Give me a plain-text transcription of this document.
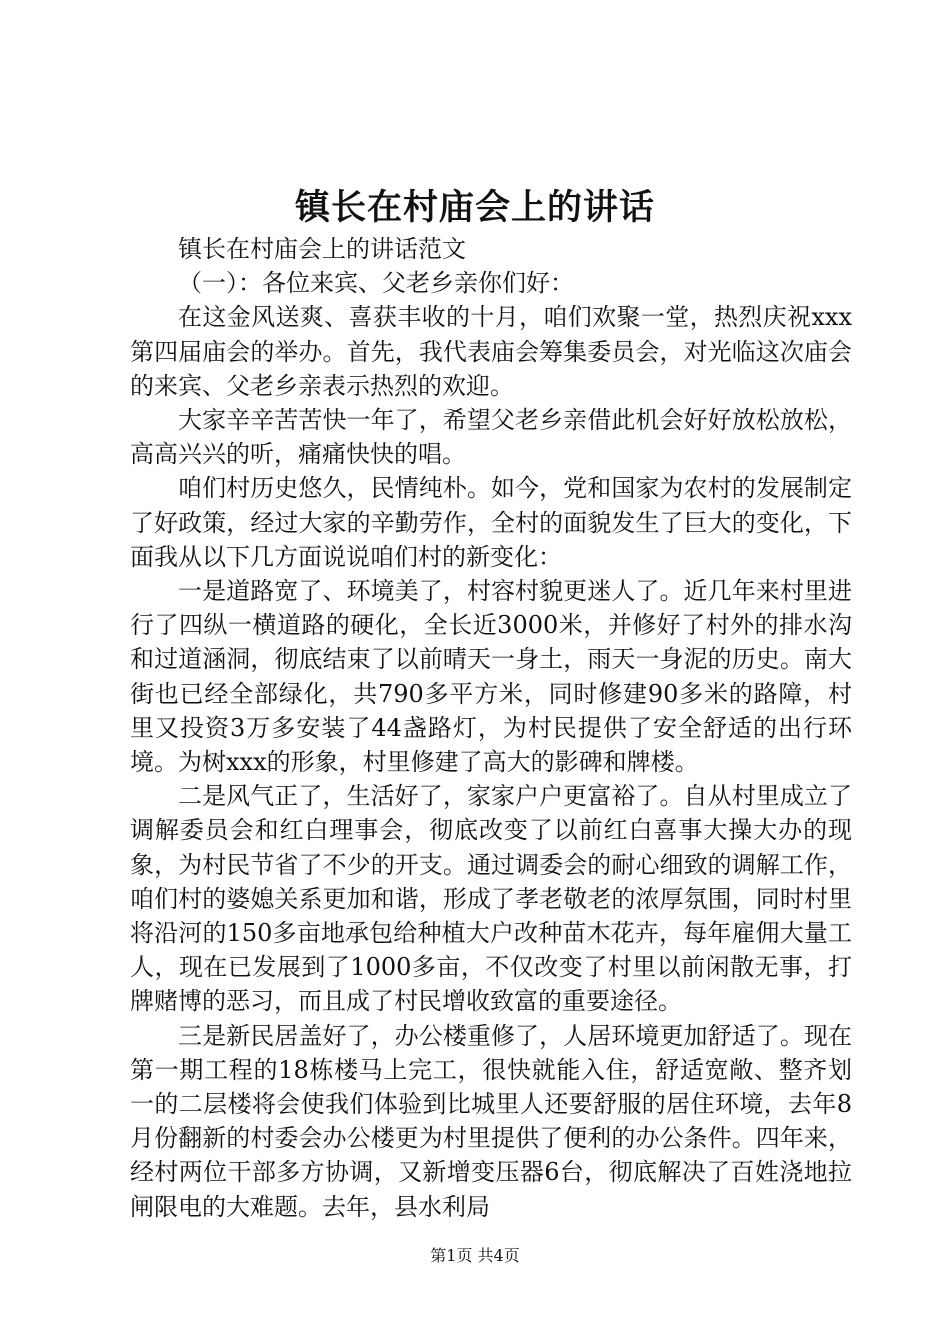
镇长在村庙会上的讲话

镇长在村庙会上的讲话范文

（一）：各位来宾、父老乡亲你们好：

在这金风送爽、喜获丰收的十月，咱们欢聚一堂，热烈庆祝xxx第四届庙会的举办。首先，我代表庙会筹集委员会，对光临这次庙会的来宾、父老乡亲表示热烈的欢迎。

大家辛辛苦苦快一年了，希望父老乡亲借此机会好好放松放松，高高兴兴的听，痛痛快快的唱。

咱们村历史悠久，民情纯朴。如今，党和国家为农村的发展制定了好政策，经过大家的辛勤劳作，全村的面貌发生了巨大的变化，下面我从以下几方面说说咱们村的新变化：

一是道路宽了、环境美了，村容村貌更迷人了。近几年来村里进行了四纵一横道路的硬化，全长近3000米，并修好了村外的排水沟和过道涵洞，彻底结束了以前晴天一身土，雨天一身泥的历史。南大街也已经全部绿化，共790多平方米，同时修建90多米的路障，村里又投资3万多安装了44盏路灯，为村民提供了安全舒适的出行环境。为树xxx的形象，村里修建了高大的影碑和牌楼。

二是风气正了，生活好了，家家户户更富裕了。自从村里成立了调解委员会和红白理事会，彻底改变了以前红白喜事大操大办的现象，为村民节省了不少的开支。通过调委会的耐心细致的调解工作，咱们村的婆媳关系更加和谐，形成了孝老敬老的浓厚氛围，同时村里将沿河的150多亩地承包给种植大户改种苗木花卉，每年雇佣大量工人，现在已发展到了1000多亩，不仅改变了村里以前闲散无事，打牌赌博的恶习，而且成了村民增收致富的重要途径。

三是新民居盖好了，办公楼重修了，人居环境更加舒适了。现在第一期工程的18栋楼马上完工，很快就能入住，舒适宽敞、整齐划一的二层楼将会使我们体验到比城里人还要舒服的居住环境，去年8月份翻新的村委会办公楼更为村里提供了便利的办公条件。四年来，经村两位干部多方协调，又新增变压器6台，彻底解决了百姓浇地拉闸限电的大难题。去年，县水利局

第1页 共4页
